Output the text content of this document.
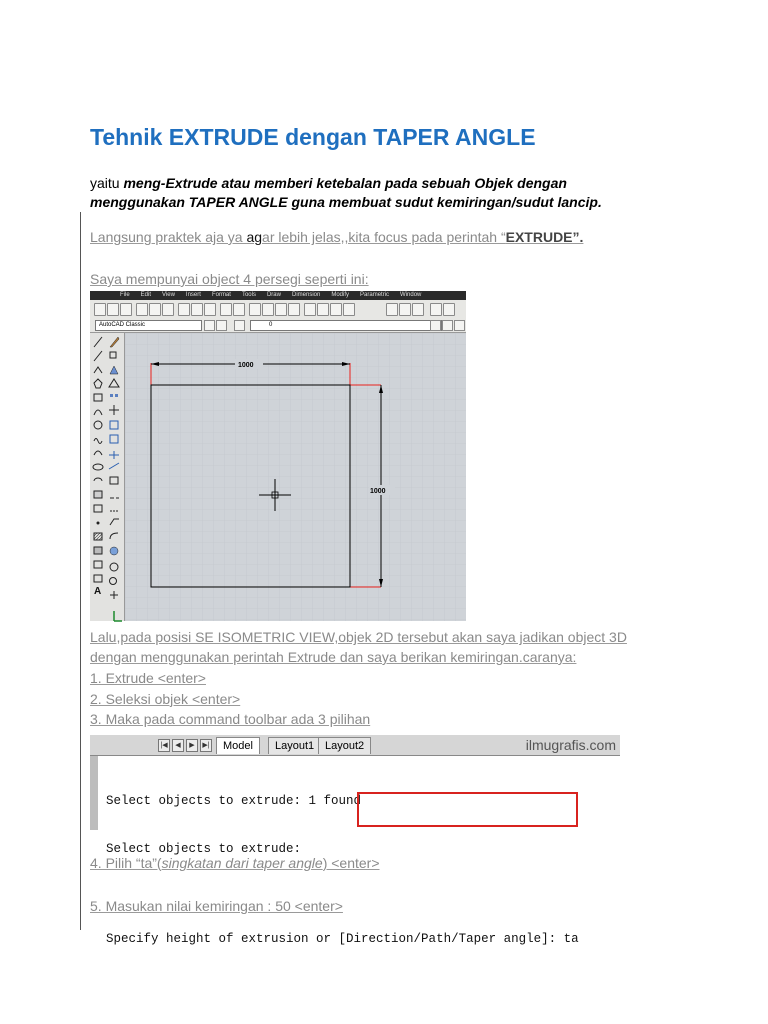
Tehnik EXTRUDE dengan TAPER ANGLE
yaitu meng-Extrude atau memberi ketebalan pada sebuah Objek dengan
menggunakan TAPER ANGLE guna membuat sudut kemiringan/sudut lancip.
Langsung praktek aja ya agar lebih jelas,,kita focus pada perintah “EXTRUDE”.
Saya mempunyai object 4 persegi seperti ini:
File Edit View Insert Format Tools Draw Dimension Modify Parametric Window
AutoCAD Classic	0
A
1000
1000
Lalu,pada posisi SE ISOMETRIC VIEW,objek 2D tersebut akan saya jadikan object 3D
dengan menggunakan perintah Extrude dan saya berikan kemiringan.caranya:
1. Extrude <enter>
2. Seleksi objek <enter>
3. Maka pada command toolbar ada 3 pilihan
|◀	◀	▶	▶|	Model	Layout1 Layout2	ilmugrafis.com

Select objects to extrude: 1 found

Select objects to extrude:

Specify height of extrusion or [Direction/Path/Taper angle]: ta

4. Pilih “ta”(singkatan dari taper angle) <enter>
5. Masukan nilai kemiringan : 50 <enter>
